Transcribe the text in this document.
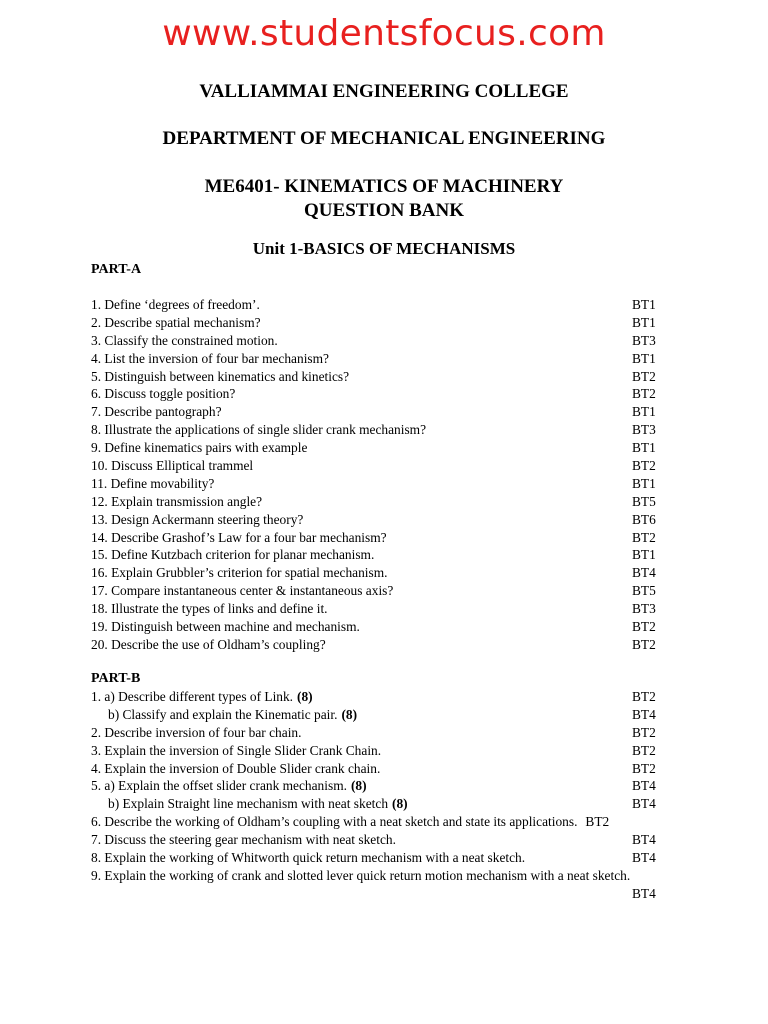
www.studentsfocus.com
VALLIAMMAI ENGINEERING COLLEGE
DEPARTMENT OF MECHANICAL ENGINEERING
ME6401- KINEMATICS OF MACHINERY
QUESTION BANK
Unit 1-BASICS OF MECHANISMS
PART-A
1. Define ‘degrees of freedom’.	BT1
2. Describe spatial mechanism?	BT1
3. Classify the constrained motion.	BT3
4. List the inversion of four bar mechanism?	BT1
5. Distinguish between kinematics and kinetics?	BT2
6. Discuss toggle position?	BT2
7. Describe pantograph?	BT1
8. Illustrate the applications of single slider crank mechanism?	BT3
9. Define kinematics pairs with example	BT1
10. Discuss Elliptical trammel	BT2
11. Define movability?	BT1
12. Explain transmission angle?	BT5
13. Design Ackermann steering theory?	BT6
14. Describe Grashof’s Law for a four bar mechanism?	BT2
15. Define Kutzbach criterion for planar mechanism.	BT1
16. Explain Grubbler’s criterion for spatial mechanism.	BT4
17. Compare instantaneous center & instantaneous axis?	BT5
18. Illustrate the types of links and define it.	BT3
19. Distinguish between machine and mechanism.	BT2
20. Describe the use of Oldham’s coupling?	BT2
PART-B
1. a) Describe different types of Link. (8)	BT2
b) Classify and explain the Kinematic pair. (8)	BT4
2. Describe inversion of four bar chain.	BT2
3. Explain the inversion of Single Slider Crank Chain.	BT2
4. Explain the inversion of Double Slider crank chain.	BT2
5. a) Explain the offset slider crank mechanism. (8)	BT4
b) Explain Straight line mechanism with neat sketch (8)	BT4
6. Describe the working of Oldham’s coupling with a neat sketch and state its applications. BT2
7. Discuss the steering gear mechanism with neat sketch.	BT4
8. Explain the working of Whitworth quick return mechanism with a neat sketch.	BT4
9. Explain the working of crank and slotted lever quick return motion mechanism with a neat sketch.
BT4
